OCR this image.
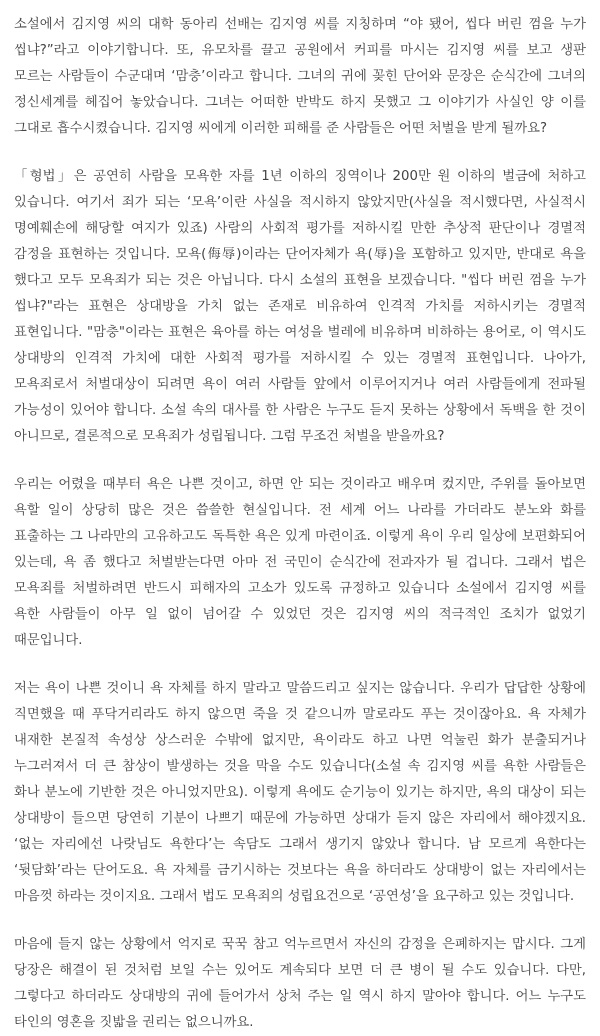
소설에서 김지영 씨의 대학 동아리 선배는 김지영 씨를 지칭하며 “야 됐어, 씹다 버린 껌을 누가 씹냐?”라고 이야기합니다. 또, 유모차를 끌고 공원에서 커피를 마시는 김지영 씨를 보고 생판 모르는 사람들이 수군대며 ‘맘충’이라고 합니다. 그녀의 귀에 꽂힌 단어와 문장은 순식간에 그녀의 정신세계를 헤집어 놓았습니다. 그녀는 어떠한 반박도 하지 못했고 그 이야기가 사실인 양 이를 그대로 흡수시켰습니다. 김지영 씨에게 이러한 피해를 준 사람들은 어떤 처벌을 받게 될까요?

「형법」은 공연히 사람을 모욕한 자를 1년 이하의 징역이나 200만 원 이하의 벌금에 처하고 있습니다. 여기서 죄가 되는 ‘모욕’이란 사실을 적시하지 않았지만(사실을 적시했다면, 사실적시 명예훼손에 해당할 여지가 있죠) 사람의 사회적 평가를 저하시킬 만한 추상적 판단이나 경멸적 감정을 표현하는 것입니다. 모욕(侮辱)이라는 단어자체가 욕(辱)을 포함하고 있지만, 반대로 욕을 했다고 모두 모욕죄가 되는 것은 아닙니다. 다시 소설의 표현을 보겠습니다. "씹다 버린 껌을 누가 씹냐?"라는 표현은 상대방을 가치 없는 존재로 비유하여 인격적 가치를 저하시키는 경멸적 표현입니다. "맘충"이라는 표현은 육아를 하는 여성을 벌레에 비유하며 비하하는 용어로, 이 역시도 상대방의 인격적 가치에 대한 사회적 평가를 저하시킬 수 있는 경멸적 표현입니다. 나아가, 모욕죄로서 처벌대상이 되려면 욕이 여러 사람들 앞에서 이루어지거나 여러 사람들에게 전파될 가능성이 있어야 합니다. 소설 속의 대사를 한 사람은 누구도 듣지 못하는 상황에서 독백을 한 것이 아니므로, 결론적으로 모욕죄가 성립됩니다. 그럼 무조건 처벌을 받을까요?

우리는 어렸을 때부터 욕은 나쁜 것이고, 하면 안 되는 것이라고 배우며 컸지만, 주위를 돌아보면 욕할 일이 상당히 많은 것은 씁쓸한 현실입니다. 전 세계 어느 나라를 가더라도 분노와 화를 표출하는 그 나라만의 고유하고도 독특한 욕은 있게 마련이죠. 이렇게 욕이 우리 일상에 보편화되어 있는데, 욕 좀 했다고 처벌받는다면 아마 전 국민이 순식간에 전과자가 될 겁니다. 그래서 법은 모욕죄를 처벌하려면 반드시 피해자의 고소가 있도록 규정하고 있습니다 소설에서 김지영 씨를 욕한 사람들이 아무 일 없이 넘어갈 수 있었던 것은 김지영 씨의 적극적인 조치가 없었기 때문입니다.

저는 욕이 나쁜 것이니 욕 자체를 하지 말라고 말씀드리고 싶지는 않습니다. 우리가 답답한 상황에 직면했을 때 푸닥거리라도 하지 않으면 죽을 것 같으니까 말로라도 푸는 것이잖아요. 욕 자체가 내재한 본질적 속성상 상스러운 수밖에 없지만, 욕이라도 하고 나면 억눌린 화가 분출되거나 누그러져서 더 큰 참상이 발생하는 것을 막을 수도 있습니다(소설 속 김지영 씨를 욕한 사람들은 화나 분노에 기반한 것은 아니었지만요). 이렇게 욕에도 순기능이 있기는 하지만, 욕의 대상이 되는 상대방이 들으면 당연히 기분이 나쁘기 때문에 가능하면 상대가 듣지 않은 자리에서 해야겠지요. ‘없는 자리에선 나랏님도 욕한다’는 속담도 그래서 생기지 않았나 합니다. 남 모르게 욕한다는 ‘뒷담화’라는 단어도요. 욕 자체를 금기시하는 것보다는 욕을 하더라도 상대방이 없는 자리에서는 마음껏 하라는 것이지요. 그래서 법도 모욕죄의 성립요건으로 ‘공연성’을 요구하고 있는 것입니다.

마음에 들지 않는 상황에서 억지로 꾹꾹 참고 억누르면서 자신의 감정을 은폐하지는 맙시다. 그게 당장은 해결이 된 것처럼 보일 수는 있어도 계속되다 보면 더 큰 병이 될 수도 있습니다. 다만, 그렇다고 하더라도 상대방의 귀에 들어가서 상처 주는 일 역시 하지 말아야 합니다. 어느 누구도 타인의 영혼을 짓밟을 권리는 없으니까요.
